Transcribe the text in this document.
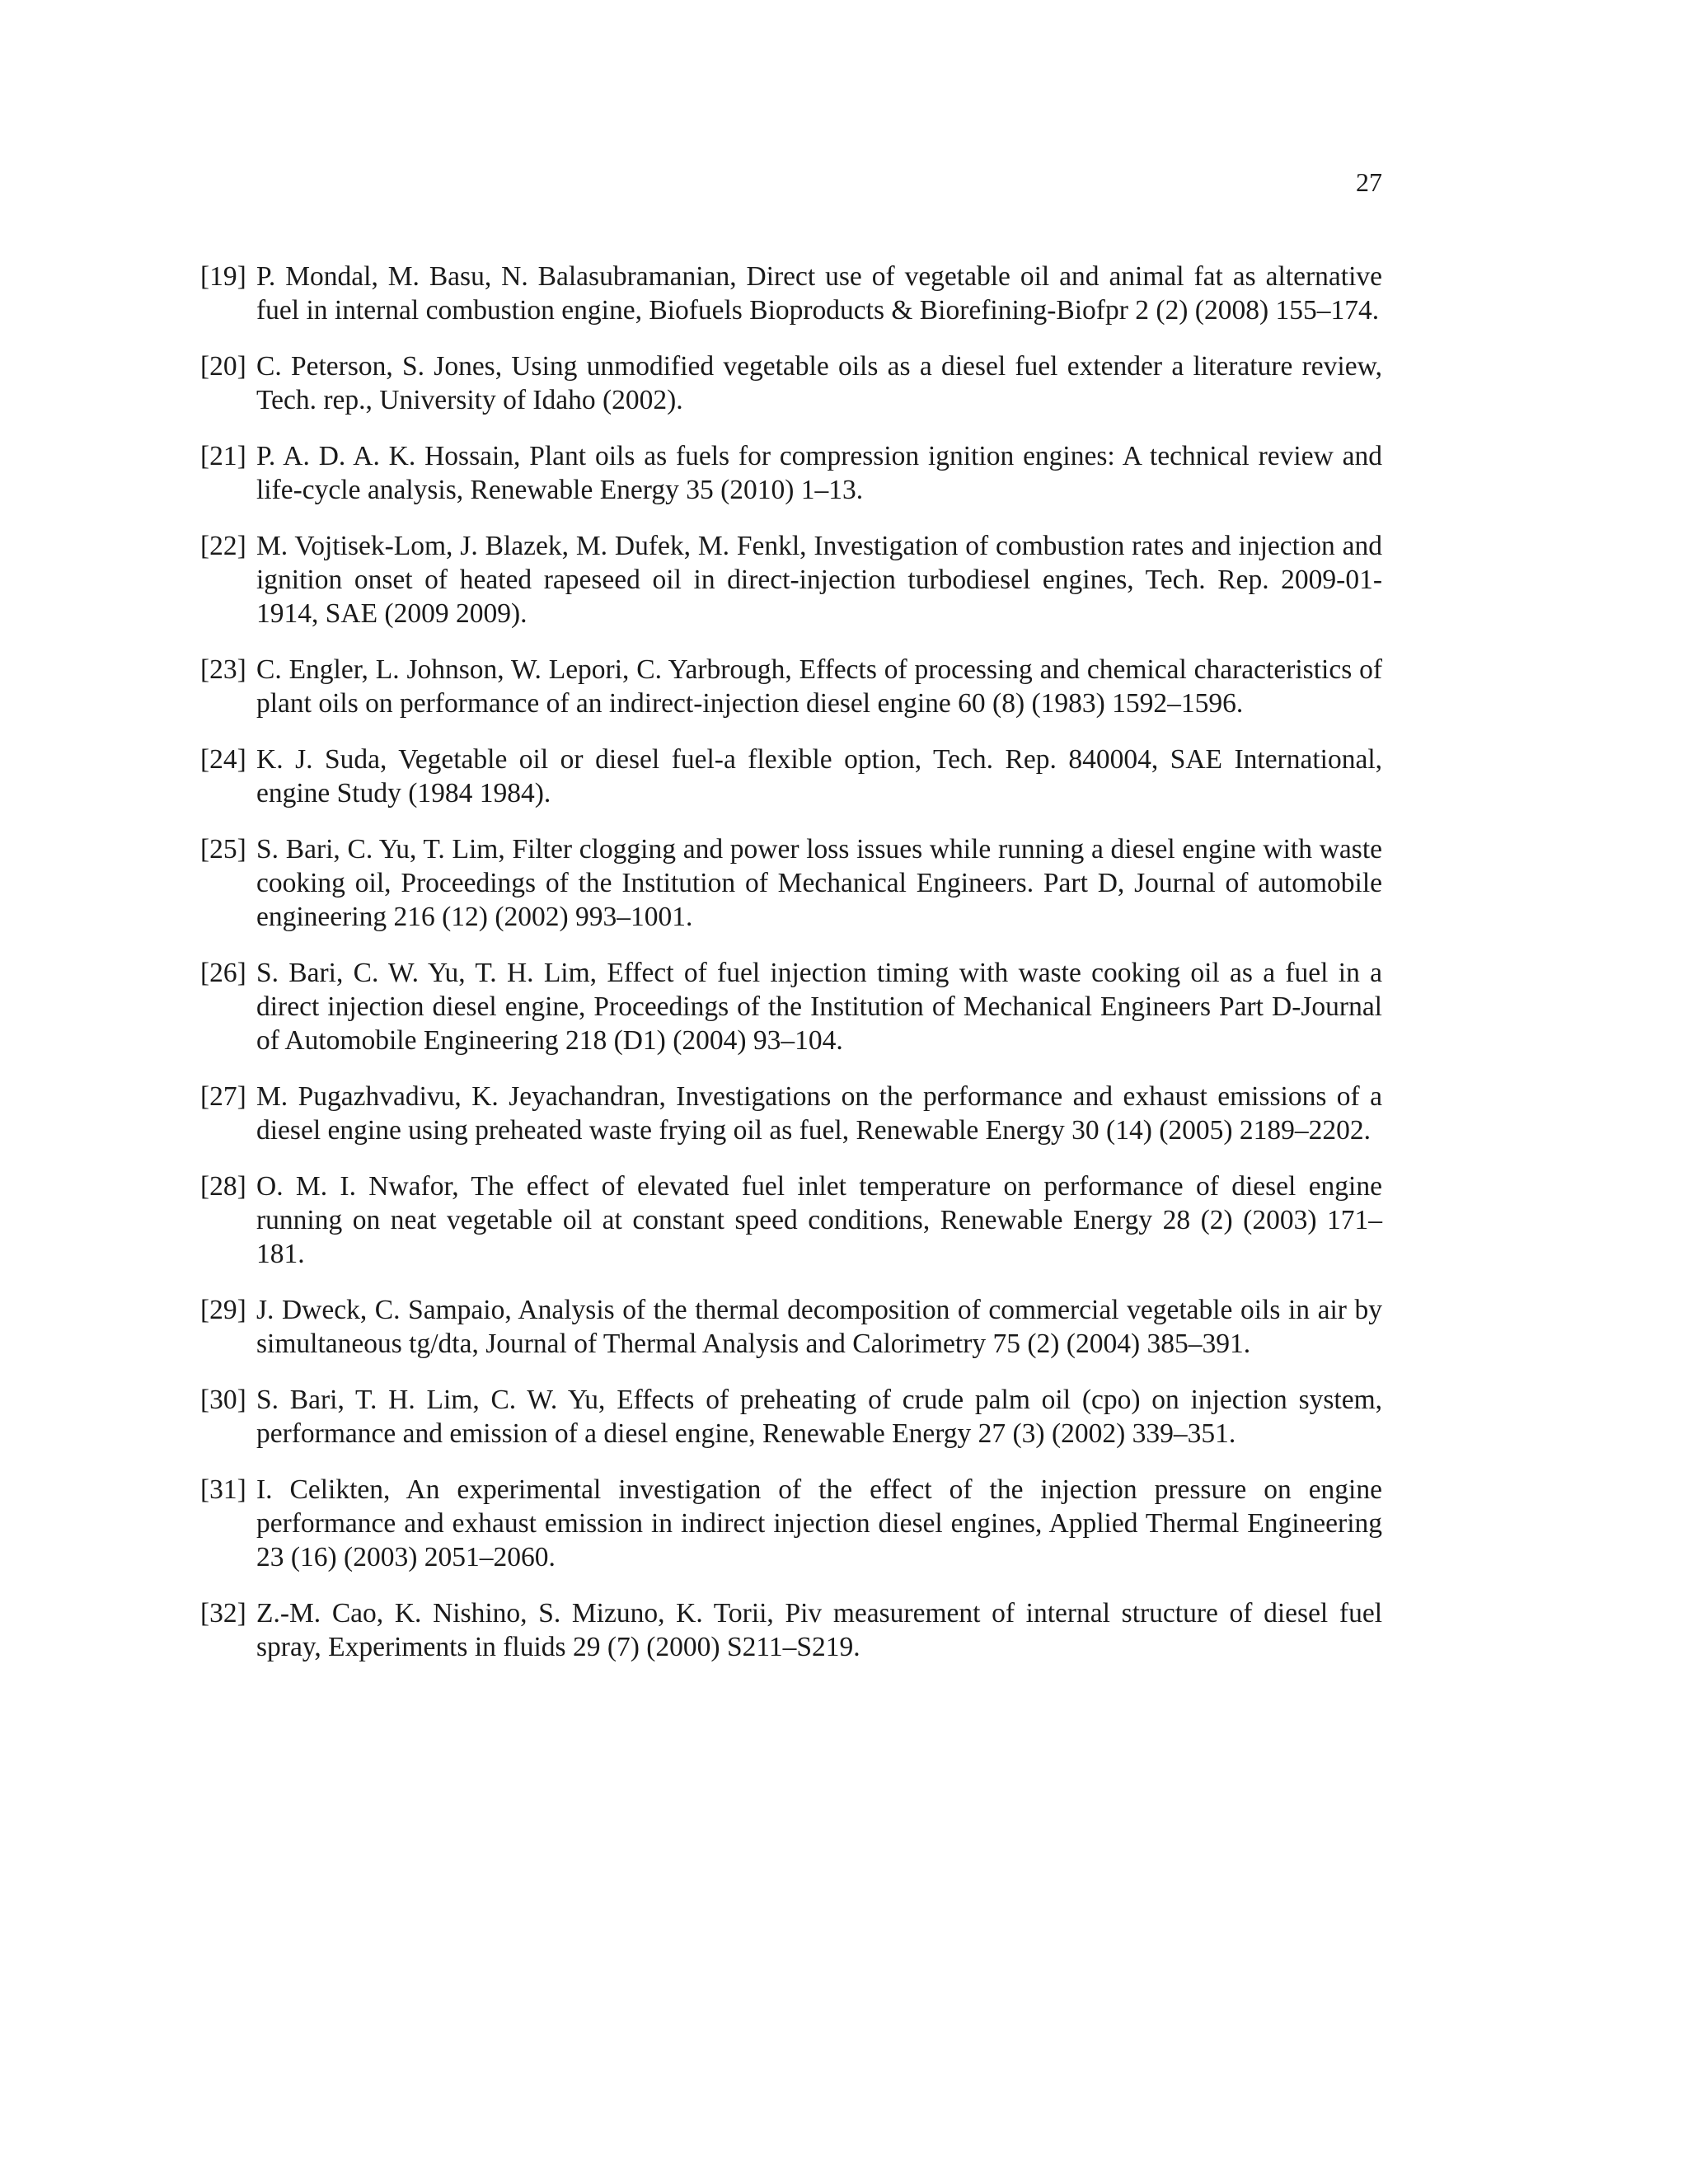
27
[19] P. Mondal, M. Basu, N. Balasubramanian, Direct use of vegetable oil and animal fat as alternative fuel in internal combustion engine, Biofuels Bioproducts & Biorefining-Biofpr 2 (2) (2008) 155–174.
[20] C. Peterson, S. Jones, Using unmodified vegetable oils as a diesel fuel extender a literature review, Tech. rep., University of Idaho (2002).
[21] P. A. D. A. K. Hossain, Plant oils as fuels for compression ignition engines: A technical review and life-cycle analysis, Renewable Energy 35 (2010) 1–13.
[22] M. Vojtisek-Lom, J. Blazek, M. Dufek, M. Fenkl, Investigation of combustion rates and injection and ignition onset of heated rapeseed oil in direct-injection turbodiesel engines, Tech. Rep. 2009-01-1914, SAE (2009 2009).
[23] C. Engler, L. Johnson, W. Lepori, C. Yarbrough, Effects of processing and chemical characteristics of plant oils on performance of an indirect-injection diesel engine 60 (8) (1983) 1592–1596.
[24] K. J. Suda, Vegetable oil or diesel fuel-a flexible option, Tech. Rep. 840004, SAE International, engine Study (1984 1984).
[25] S. Bari, C. Yu, T. Lim, Filter clogging and power loss issues while running a diesel engine with waste cooking oil, Proceedings of the Institution of Mechanical Engineers. Part D, Journal of automobile engineering 216 (12) (2002) 993–1001.
[26] S. Bari, C. W. Yu, T. H. Lim, Effect of fuel injection timing with waste cooking oil as a fuel in a direct injection diesel engine, Proceedings of the Institution of Mechanical Engineers Part D-Journal of Automobile Engineering 218 (D1) (2004) 93–104.
[27] M. Pugazhvadivu, K. Jeyachandran, Investigations on the performance and exhaust emissions of a diesel engine using preheated waste frying oil as fuel, Renewable Energy 30 (14) (2005) 2189–2202.
[28] O. M. I. Nwafor, The effect of elevated fuel inlet temperature on performance of diesel engine running on neat vegetable oil at constant speed conditions, Renewable Energy 28 (2) (2003) 171–181.
[29] J. Dweck, C. Sampaio, Analysis of the thermal decomposition of commercial vegetable oils in air by simultaneous tg/dta, Journal of Thermal Analysis and Calorimetry 75 (2) (2004) 385–391.
[30] S. Bari, T. H. Lim, C. W. Yu, Effects of preheating of crude palm oil (cpo) on injection system, performance and emission of a diesel engine, Renewable Energy 27 (3) (2002) 339–351.
[31] I. Celikten, An experimental investigation of the effect of the injection pressure on engine performance and exhaust emission in indirect injection diesel engines, Applied Thermal Engineering 23 (16) (2003) 2051–2060.
[32] Z.-M. Cao, K. Nishino, S. Mizuno, K. Torii, Piv measurement of internal structure of diesel fuel spray, Experiments in fluids 29 (7) (2000) S211–S219.
